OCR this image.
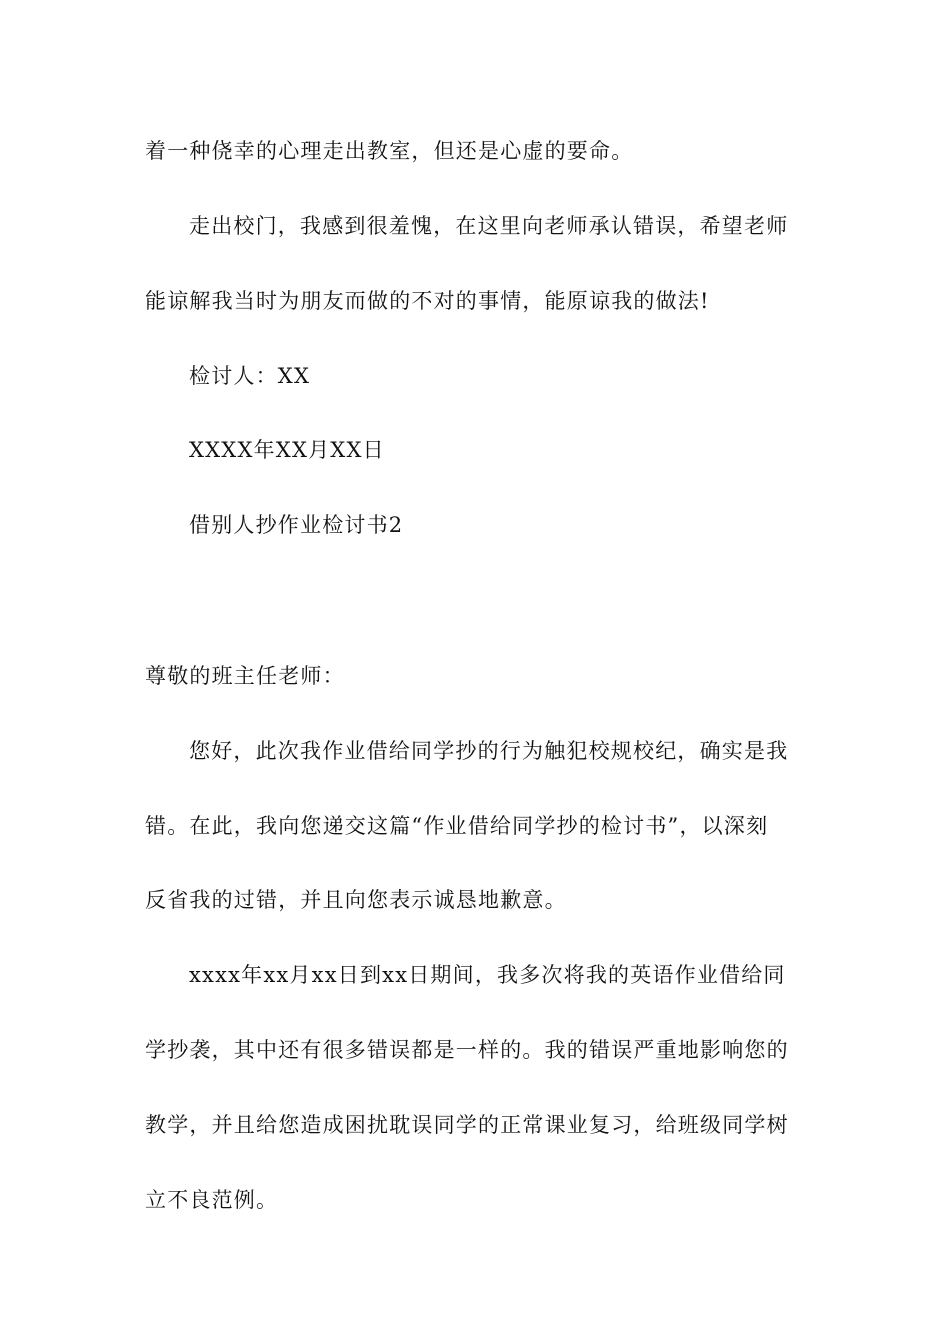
着一种侥幸的心理走出教室，但还是心虚的要命。
走出校门，我感到很羞愧，在这里向老师承认错误，希望老师
能谅解我当时为朋友而做的不对的事情，能原谅我的做法!
检讨人：XX
XXXX年XX月XX日
借别人抄作业检讨书2
尊敬的班主任老师：
您好，此次我作业借给同学抄的行为触犯校规校纪，确实是我
错。在此，我向您递交这篇“作业借给同学抄的检讨书”，以深刻
反省我的过错，并且向您表示诚恳地歉意。
xxxx年xx月xx日到xx日期间，我多次将我的英语作业借给同
学抄袭，其中还有很多错误都是一样的。我的错误严重地影响您的
教学，并且给您造成困扰耽误同学的正常课业复习，给班级同学树
立不良范例。
